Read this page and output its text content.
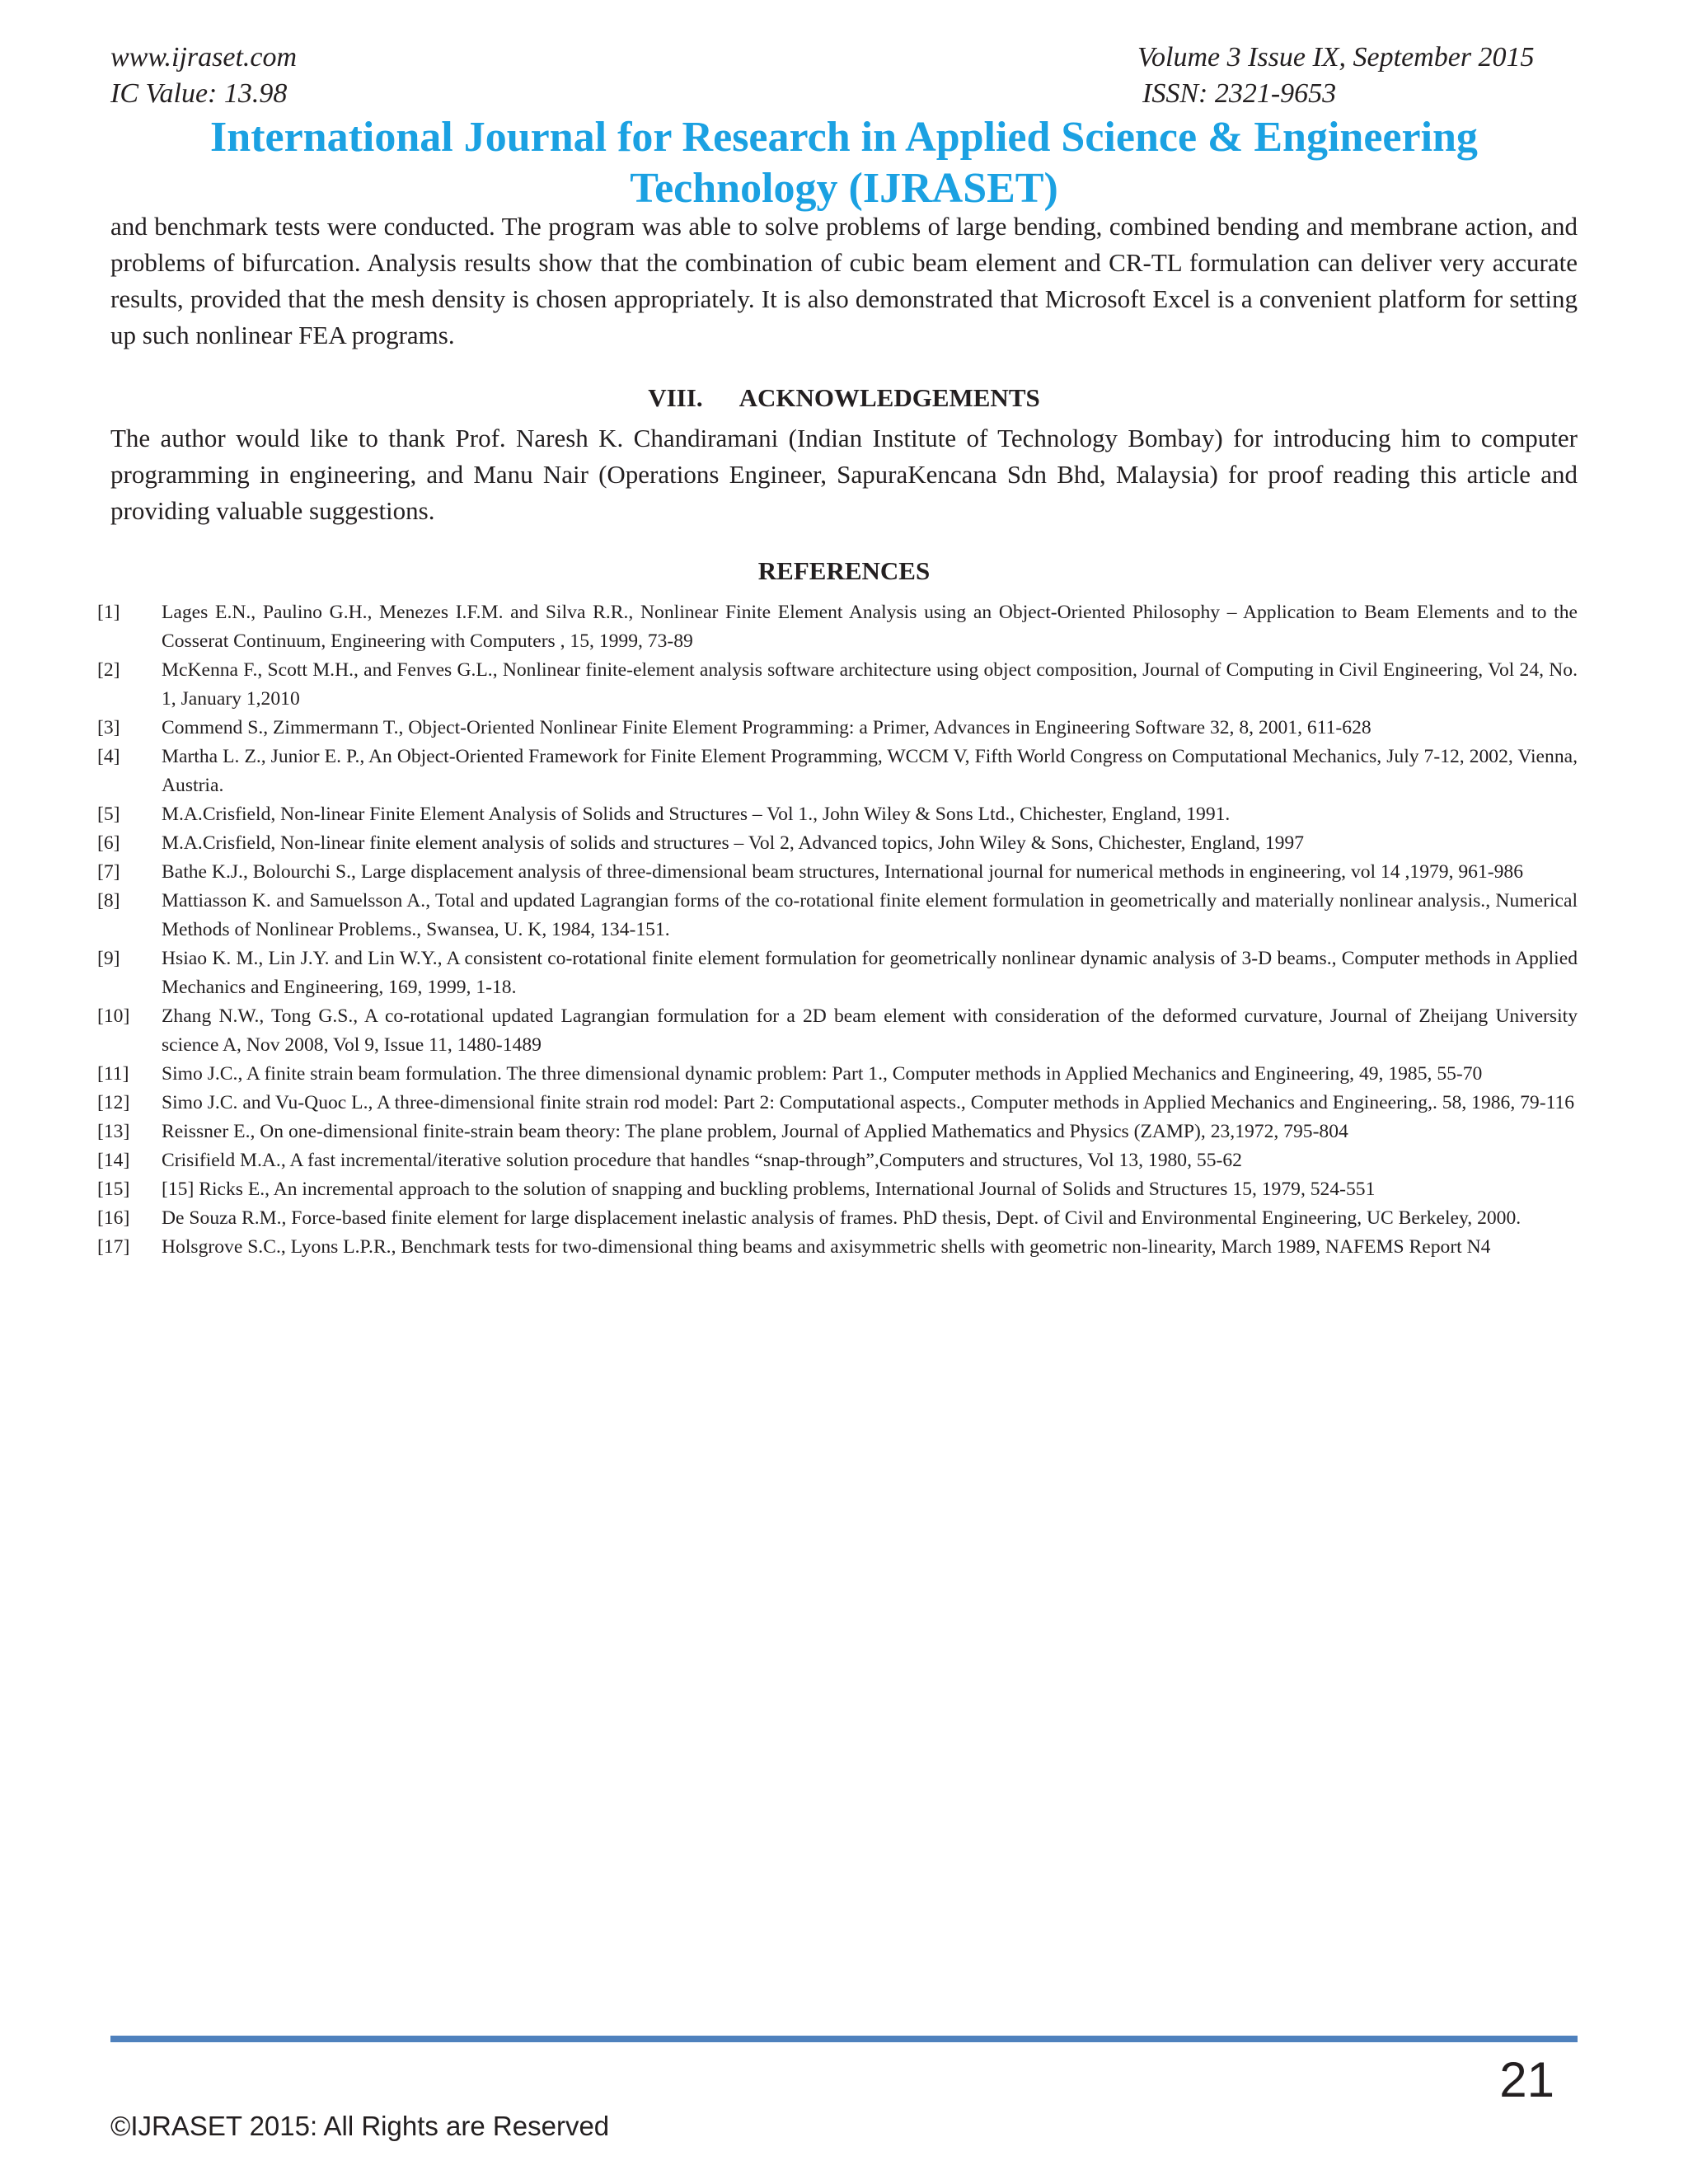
www.ijraset.com
IC Value: 13.98
Volume 3 Issue IX, September 2015
ISSN: 2321-9653
International Journal for Research in Applied Science & Engineering
Technology (IJRASET)

and benchmark tests were conducted. The program was able to solve problems of large bending, combined bending and membrane action, and problems of bifurcation. Analysis results show that the combination of cubic beam element and CR-TL formulation can deliver very accurate results, provided that the mesh density is chosen appropriately. It is also demonstrated that Microsoft Excel is a convenient platform for setting up such nonlinear FEA programs.

VIII. ACKNOWLEDGEMENTS

The author would like to thank Prof. Naresh K. Chandiramani (Indian Institute of Technology Bombay) for introducing him to computer programming in engineering, and Manu Nair (Operations Engineer, SapuraKencana Sdn Bhd, Malaysia) for proof reading this article and providing valuable suggestions.

REFERENCES
[1]	Lages E.N., Paulino G.H., Menezes I.F.M. and Silva R.R., Nonlinear Finite Element Analysis using an Object-Oriented Philosophy – Application to Beam Elements and to the Cosserat Continuum, Engineering with Computers , 15, 1999, 73-89
[2]	McKenna F., Scott M.H., and Fenves G.L., Nonlinear finite-element analysis software architecture using object composition, Journal of Computing in Civil Engineering, Vol 24, No. 1, January 1,2010
[3]	Commend S., Zimmermann T., Object-Oriented Nonlinear Finite Element Programming: a Primer, Advances in Engineering Software 32, 8, 2001, 611-628
[4]	Martha L. Z., Junior E. P., An Object-Oriented Framework for Finite Element Programming, WCCM V, Fifth World Congress on Computational Mechanics, July 7-12, 2002, Vienna, Austria.
[5]	M.A.Crisfield, Non-linear Finite Element Analysis of Solids and Structures – Vol 1., John Wiley & Sons Ltd., Chichester, England, 1991.
[6]	M.A.Crisfield, Non-linear finite element analysis of solids and structures – Vol 2, Advanced topics, John Wiley & Sons, Chichester, England, 1997
[7]	Bathe K.J., Bolourchi S., Large displacement analysis of three-dimensional beam structures, International journal for numerical methods in engineering, vol 14 ,1979, 961-986
[8]	Mattiasson K. and Samuelsson A., Total and updated Lagrangian forms of the co-rotational finite element formulation in geometrically and materially nonlinear analysis., Numerical Methods of Nonlinear Problems., Swansea, U. K, 1984, 134-151.
[9]	Hsiao K. M., Lin J.Y. and Lin W.Y., A consistent co-rotational finite element formulation for geometrically nonlinear dynamic analysis of 3-D beams., Computer methods in Applied Mechanics and Engineering, 169, 1999, 1-18.
[10]	Zhang N.W., Tong G.S., A co-rotational updated Lagrangian formulation for a 2D beam element with consideration of the deformed curvature, Journal of Zheijang University science A, Nov 2008, Vol 9, Issue 11, 1480-1489
[11]	Simo J.C., A finite strain beam formulation. The three dimensional dynamic problem: Part 1., Computer methods in Applied Mechanics and Engineering, 49, 1985, 55-70
[12]	Simo J.C. and Vu-Quoc L., A three-dimensional finite strain rod model: Part 2: Computational aspects., Computer methods in Applied Mechanics and Engineering,. 58, 1986, 79-116
[13]	Reissner E., On one-dimensional finite-strain beam theory: The plane problem, Journal of Applied Mathematics and Physics (ZAMP), 23,1972, 795-804
[14]	Crisifield M.A., A fast incremental/iterative solution procedure that handles “snap-through”,Computers and structures, Vol 13, 1980, 55-62
[15]	[15] Ricks E., An incremental approach to the solution of snapping and buckling problems, International Journal of Solids and Structures 15, 1979, 524-551
[16]	De Souza R.M., Force-based finite element for large displacement inelastic analysis of frames. PhD thesis, Dept. of Civil and Environmental Engineering, UC Berkeley, 2000.
[17]	Holsgrove S.C., Lyons L.P.R., Benchmark tests for two-dimensional thing beams and axisymmetric shells with geometric non-linearity, March 1989, NAFEMS Report N4
21
©IJRASET 2015: All Rights are Reserved
